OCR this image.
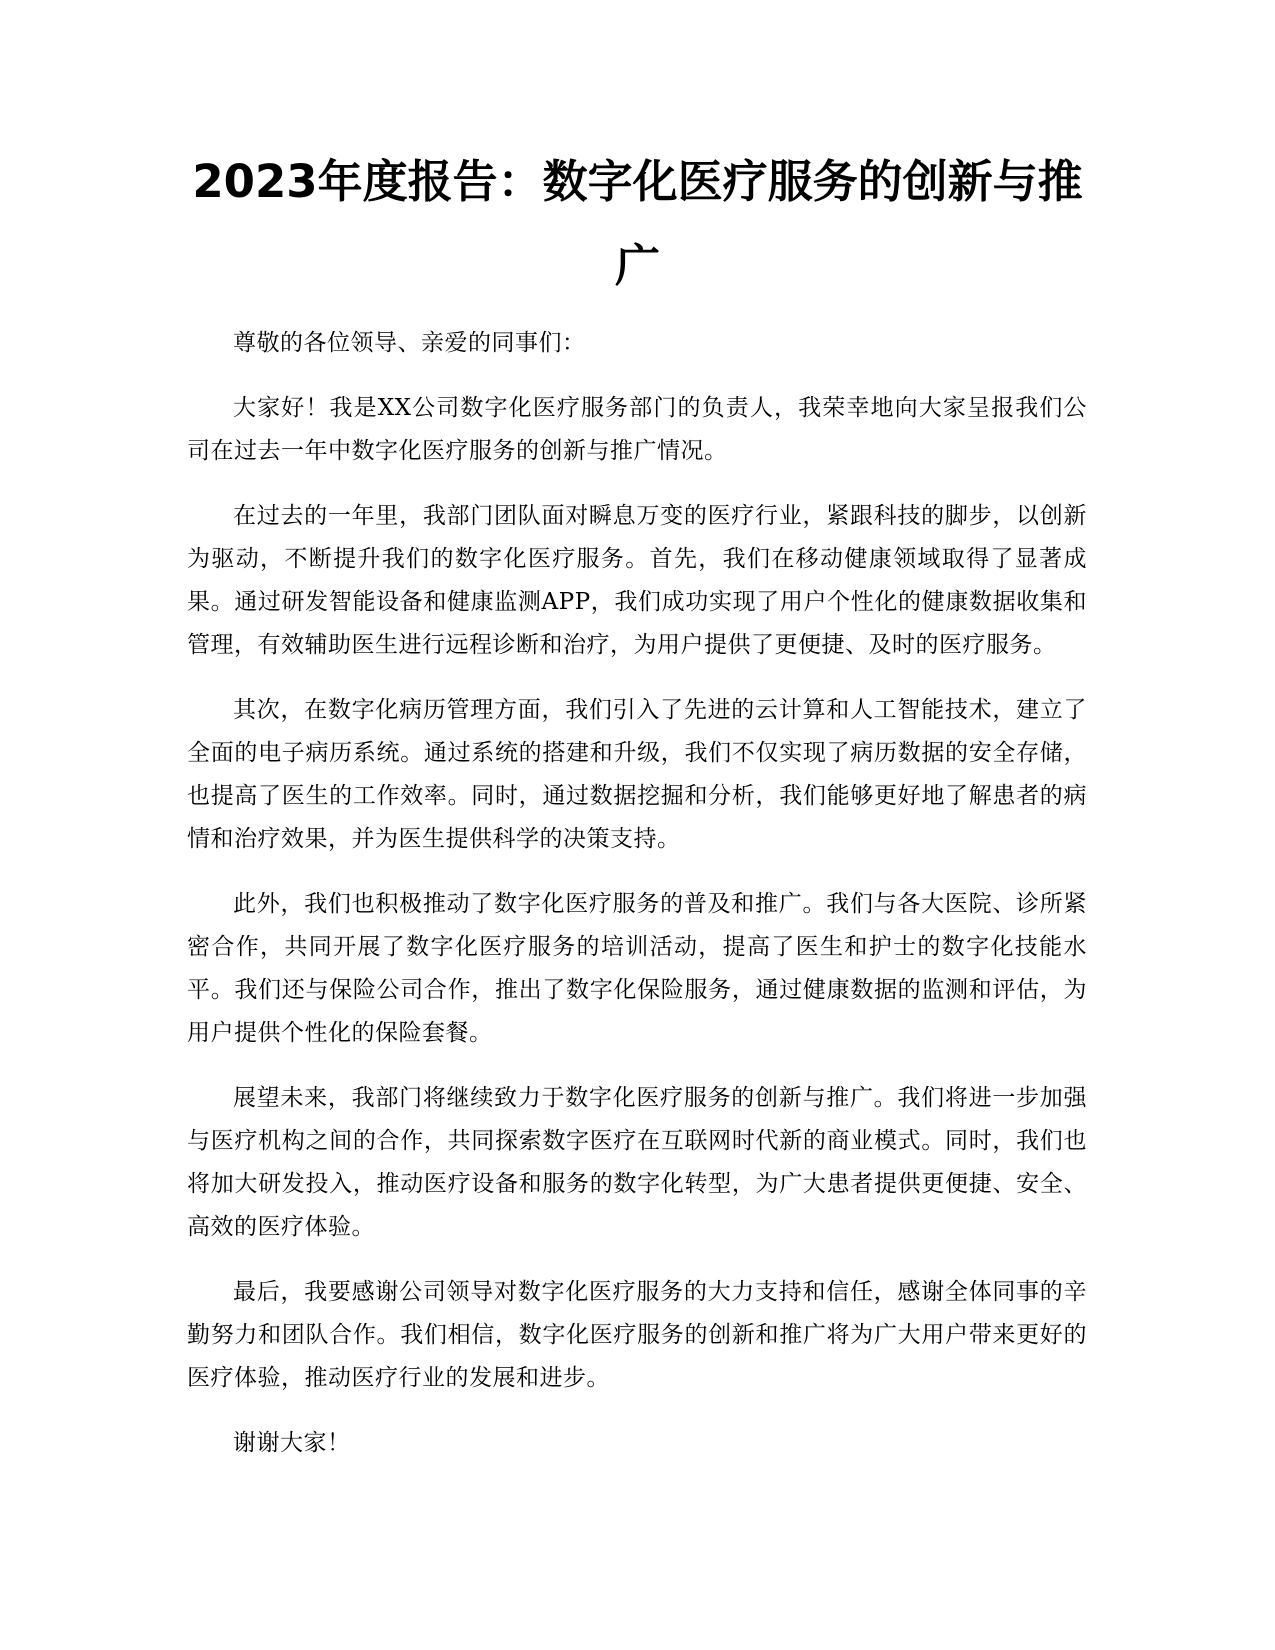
2023年度报告：数字化医疗服务的创新与推广

尊敬的各位领导、亲爱的同事们：

大家好！我是XX公司数字化医疗服务部门的负责人，我荣幸地向大家呈报我们公司在过去一年中数字化医疗服务的创新与推广情况。

在过去的一年里，我部门团队面对瞬息万变的医疗行业，紧跟科技的脚步，以创新为驱动，不断提升我们的数字化医疗服务。首先，我们在移动健康领域取得了显著成果。通过研发智能设备和健康监测APP，我们成功实现了用户个性化的健康数据收集和管理，有效辅助医生进行远程诊断和治疗，为用户提供了更便捷、及时的医疗服务。

其次，在数字化病历管理方面，我们引入了先进的云计算和人工智能技术，建立了全面的电子病历系统。通过系统的搭建和升级，我们不仅实现了病历数据的安全存储，也提高了医生的工作效率。同时，通过数据挖掘和分析，我们能够更好地了解患者的病情和治疗效果，并为医生提供科学的决策支持。

此外，我们也积极推动了数字化医疗服务的普及和推广。我们与各大医院、诊所紧密合作，共同开展了数字化医疗服务的培训活动，提高了医生和护士的数字化技能水平。我们还与保险公司合作，推出了数字化保险服务，通过健康数据的监测和评估，为用户提供个性化的保险套餐。

展望未来，我部门将继续致力于数字化医疗服务的创新与推广。我们将进一步加强与医疗机构之间的合作，共同探索数字医疗在互联网时代新的商业模式。同时，我们也将加大研发投入，推动医疗设备和服务的数字化转型，为广大患者提供更便捷、安全、高效的医疗体验。

最后，我要感谢公司领导对数字化医疗服务的大力支持和信任，感谢全体同事的辛勤努力和团队合作。我们相信，数字化医疗服务的创新和推广将为广大用户带来更好的医疗体验，推动医疗行业的发展和进步。

谢谢大家！
